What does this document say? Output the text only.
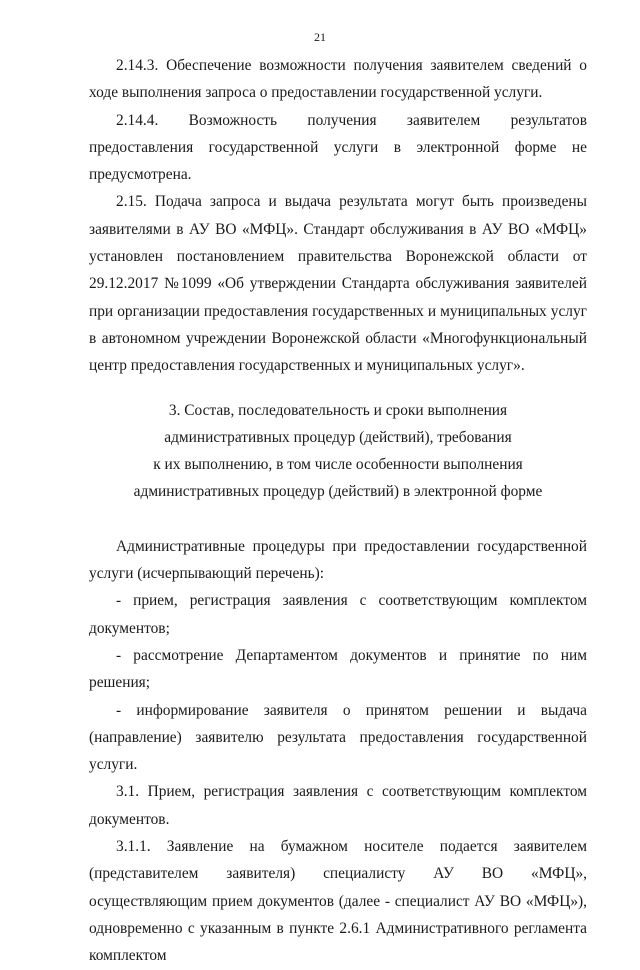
21

2.14.3. Обеспечение возможности получения заявителем сведений о ходе выполнения запроса о предоставлении государственной услуги.

2.14.4. Возможность получения заявителем результатов предоставления государственной услуги в электронной форме не предусмотрена.

2.15. Подача запроса и выдача результата могут быть произведены заявителями в АУ ВО «МФЦ». Стандарт обслуживания в АУ ВО «МФЦ» установлен постановлением правительства Воронежской области от 29.12.2017 №1099 «Об утверждении Стандарта обслуживания заявителей при организации предоставления государственных и муниципальных услуг в автономном учреждении Воронежской области «Многофункциональный центр предоставления государственных и муниципальных услуг».

3. Состав, последовательность и сроки выполнения
административных процедур (действий), требования
к их выполнению, в том числе особенности выполнения
административных процедур (действий) в электронной форме

Административные процедуры при предоставлении государственной услуги (исчерпывающий перечень):

- прием, регистрация заявления с соответствующим комплектом документов;

- рассмотрение Департаментом документов и принятие по ним решения;

- информирование заявителя о принятом решении и выдача (направление) заявителю результата предоставления государственной услуги.

3.1. Прием, регистрация заявления с соответствующим комплектом документов.

3.1.1. Заявление на бумажном носителе подается заявителем (представителем заявителя) специалисту АУ ВО «МФЦ», осуществляющим прием документов (далее - специалист АУ ВО «МФЦ»), одновременно с указанным в пункте 2.6.1 Административного регламента комплектом
